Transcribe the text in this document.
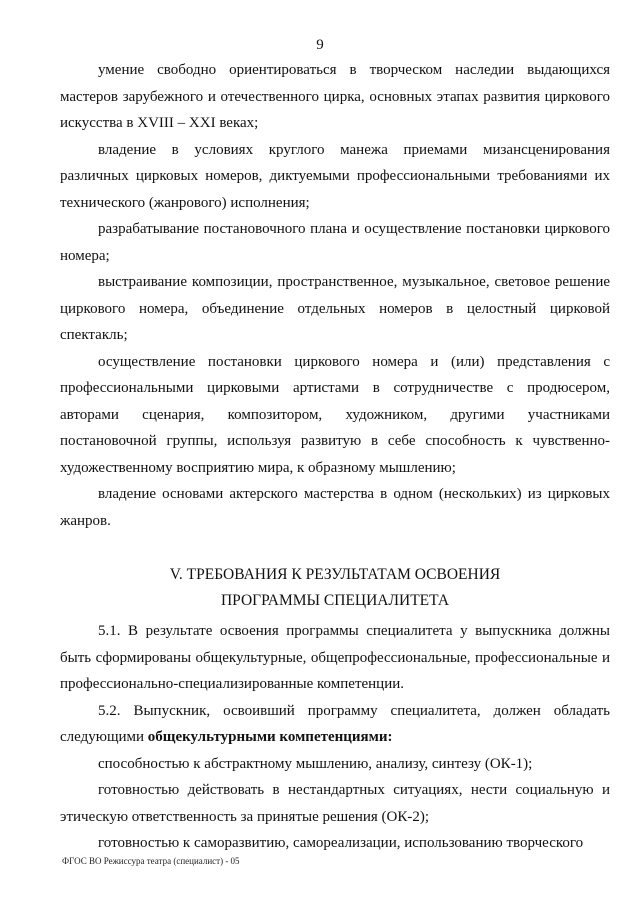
9

умение свободно ориентироваться в творческом наследии выдающихся мастеров зарубежного и отечественного цирка, основных этапах развития циркового искусства в XVIII – XXI веках;

владение в условиях круглого манежа приемами мизансценирования различных цирковых номеров, диктуемыми профессиональными требованиями их технического (жанрового) исполнения;

разрабатывание постановочного плана и осуществление постановки циркового номера;

выстраивание композиции, пространственное, музыкальное, световое решение циркового номера, объединение отдельных номеров в целостный цирковой спектакль;

осуществление постановки циркового номера и (или) представления с профессиональными цирковыми артистами в сотрудничестве с продюсером, авторами сценария, композитором, художником, другими участниками постановочной группы, используя развитую в себе способность к чувственно-художественному восприятию мира, к образному мышлению;

владение основами актерского мастерства в одном (нескольких) из цирковых жанров.

V. ТРЕБОВАНИЯ К РЕЗУЛЬТАТАМ ОСВОЕНИЯ
ПРОГРАММЫ СПЕЦИАЛИТЕТА

5.1. В результате освоения программы специалитета у выпускника должны быть сформированы общекультурные, общепрофессиональные, профессиональные и профессионально-специализированные компетенции.

5.2. Выпускник, освоивший программу специалитета, должен обладать следующими общекультурными компетенциями:

способностью к абстрактному мышлению, анализу, синтезу (ОК-1);

готовностью действовать в нестандартных ситуациях, нести социальную и этическую ответственность за принятые решения (ОК-2);

готовностью к саморазвитию, самореализации, использованию творческого

ФГОС ВО Режиссура театра (специалист) - 05
